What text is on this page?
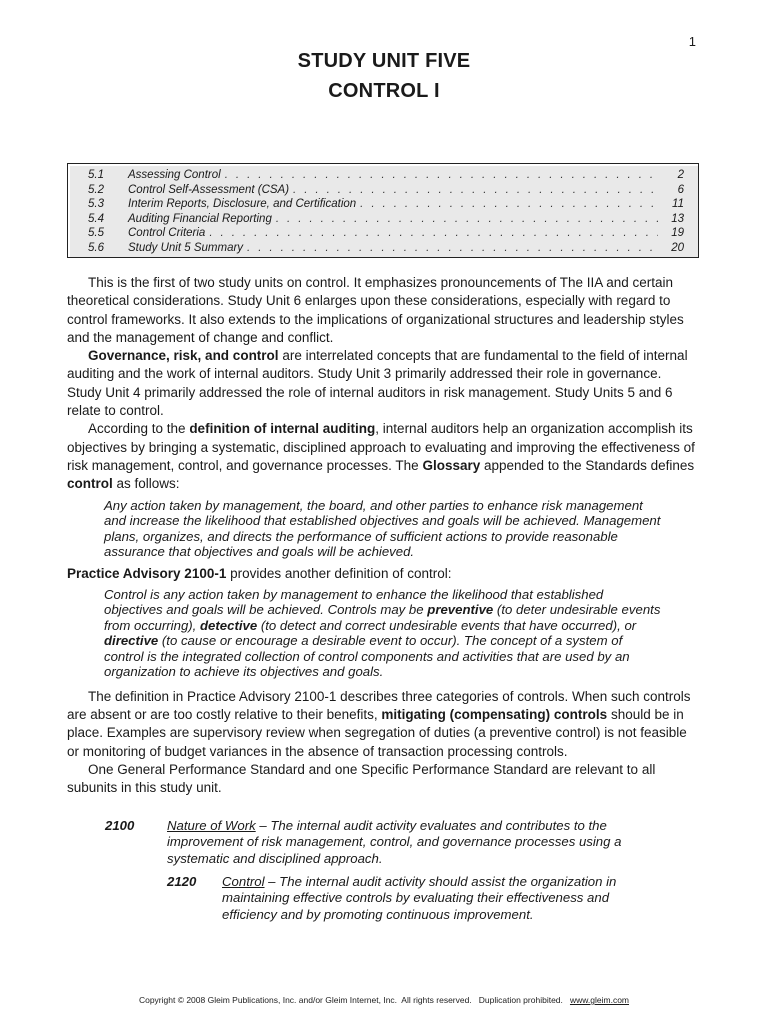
1
STUDY UNIT FIVE
CONTROL I
5.1	Assessing Control . . .	2
5.2	Control Self-Assessment (CSA) . . .	6
5.3	Interim Reports, Disclosure, and Certification . . .	11
5.4	Auditing Financial Reporting . . .	13
5.5	Control Criteria . . .	19
5.6	Study Unit 5 Summary . . .	20

This is the first of two study units on control. It emphasizes pronouncements of The IIA and certain theoretical considerations. Study Unit 6 enlarges upon these considerations, especially with regard to control frameworks. It also extends to the implications of organizational structures and leadership styles and the management of change and conflict.

Governance, risk, and control are interrelated concepts that are fundamental to the field of internal auditing and the work of internal auditors. Study Unit 3 primarily addressed their role in governance. Study Unit 4 primarily addressed the role of internal auditors in risk management. Study Units 5 and 6 relate to control.

According to the definition of internal auditing, internal auditors help an organization accomplish its objectives by bringing a systematic, disciplined approach to evaluating and improving the effectiveness of risk management, control, and governance processes. The Glossary appended to the Standards defines control as follows:

Any action taken by management, the board, and other parties to enhance risk management and increase the likelihood that established objectives and goals will be achieved. Management plans, organizes, and directs the performance of sufficient actions to provide reasonable assurance that objectives and goals will be achieved.

Practice Advisory 2100-1 provides another definition of control:

Control is any action taken by management to enhance the likelihood that established objectives and goals will be achieved. Controls may be preventive (to deter undesirable events from occurring), detective (to detect and correct undesirable events that have occurred), or directive (to cause or encourage a desirable event to occur). The concept of a system of control is the integrated collection of control components and activities that are used by an organization to achieve its objectives and goals.

The definition in Practice Advisory 2100-1 describes three categories of controls. When such controls are absent or are too costly relative to their benefits, mitigating (compensating) controls should be in place. Examples are supervisory review when segregation of duties (a preventive control) is not feasible or monitoring of budget variances in the absence of transaction processing controls.

One General Performance Standard and one Specific Performance Standard are relevant to all subunits in this study unit.

2100 Nature of Work – The internal audit activity evaluates and contributes to the improvement of risk management, control, and governance processes using a systematic and disciplined approach.
2120 Control – The internal audit activity should assist the organization in maintaining effective controls by evaluating their effectiveness and efficiency and by promoting continuous improvement.
Copyright © 2008 Gleim Publications, Inc. and/or Gleim Internet, Inc.  All rights reserved.   Duplication prohibited.   www.gleim.com
